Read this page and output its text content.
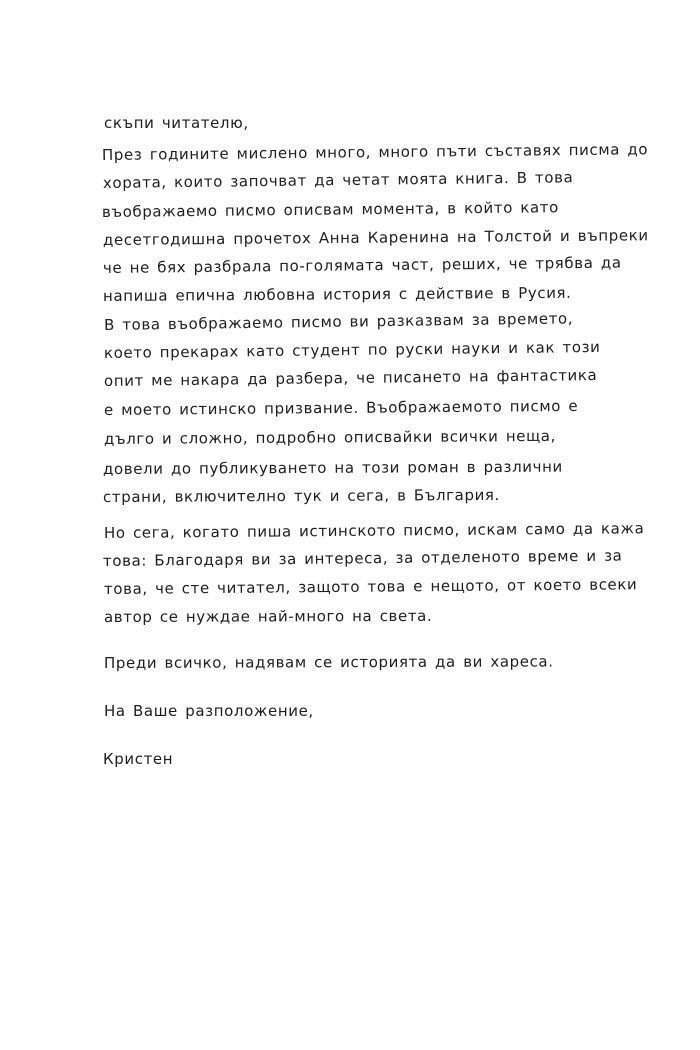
скъпи читателю,
През годините мислено много, много пъти съставях писма до
хората, които започват да четат моята книга. В това
въображаемо писмо описвам момента, в който като
десетгодишна прочетох Анна Каренина на Толстой и въпреки
че не бях разбрала по-голямата част, реших, че трябва да
напиша епична любовна история с действие в Русия.
В това въображаемо писмо ви разказвам за времето,
което прекарах като студент по руски науки и как този
опит ме накара да разбера, че писането на фантастика
е моето истинско призвание. Въображаемото писмо е
дълго и сложно, подробно описвайки всички неща,
довели до публикуването на този роман в различни
страни, включително тук и сега, в България.
Но сега, когато пиша истинското писмо, искам само да кажа
това: Благодаря ви за интереса, за отделеното време и за
това, че сте читател, защото това е нещото, от което всеки
автор се нуждае най-много на света.
Преди всичко, надявам се историята да ви хареса.
На Ваше разположение,
Кристен
